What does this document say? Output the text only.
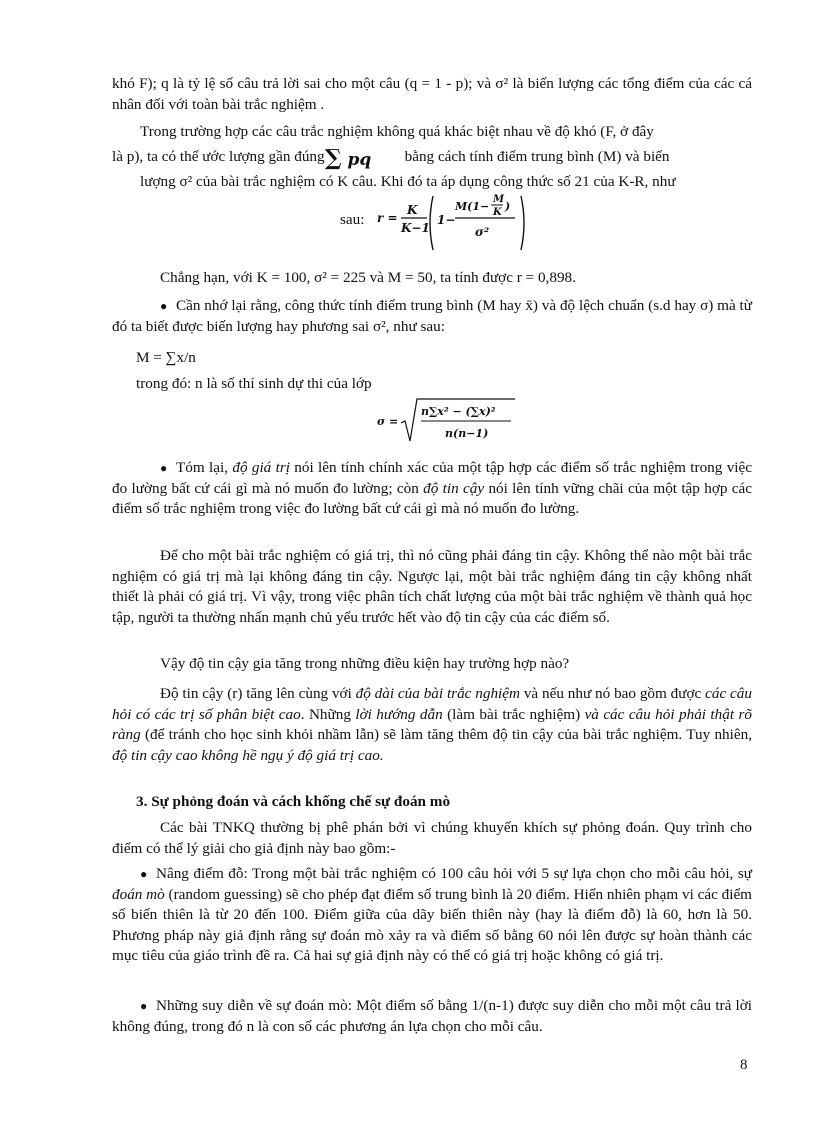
khó F); q là tỷ lệ số câu trả lời sai cho một câu (q = 1 - p); và σ² là biến lượng các tổng điểm của các cá nhân đối với toàn bài trắc nghiệm .

Trong trường hợp các câu trắc nghiệm không quá khác biệt nhau về độ khó (F, ở đây

∑ pq

là p), ta có thể ước lượng gần đúng	bằng cách tính điểm trung bình (M) và biến

lượng σ² của bài trắc nghiệm có K câu. Khi đó ta áp dụng công thức số 21 của K-R, như

sau:	r =
K
K−1
1−
M(1−
M
K )
σ²

Chẳng hạn, với K = 100, σ² = 225 và M = 50, ta tính được r = 0,898.

● Cần nhớ lại rằng, công thức tính điểm trung bình (M hay x̄) và độ lệch chuẩn (s.d hay σ) mà từ đó ta biết được biến lượng hay phương sai σ², như sau:

M = ∑x/n

trong đó: n là số thí sinh dự thi của lớp

σ =
n∑x² − (∑x)²
n(n−1)

● Tóm lại, độ giá trị nói lên tính chính xác của một tập hợp các điểm số trắc nghiệm trong việc đo lường bất cứ cái gì mà nó muốn đo lường; còn độ tin cậy nói lên tính vững chãi của một tập hợp các điểm số trắc nghiệm trong việc đo lường bất cứ cái gì mà nó muốn đo lường.

Để cho một bài trắc nghiệm có giá trị, thì nó cũng phải đáng tin cậy. Không thể nào một bài trắc nghiệm có giá trị mà lại không đáng tin cậy. Ngược lại, một bài trắc nghiệm đáng tin cậy không nhất thiết là phải có giá trị. Vì vậy, trong việc phân tích chất lượng của một bài trắc nghiệm về thành quả học tập, người ta thường nhấn mạnh chủ yếu trước hết vào độ tin cậy của các điểm số.

Vậy độ tin cậy gia tăng trong những điều kiện hay trường hợp nào?

Độ tin cậy (r) tăng lên cùng với độ dài của bài trắc nghiệm và nếu như nó bao gồm được các câu hỏi có các trị số phân biệt cao. Những lời hướng dẫn (làm bài trắc nghiệm) và các câu hỏi phải thật rõ ràng (để tránh cho học sinh khỏi nhầm lẫn) sẽ làm tăng thêm độ tin cậy của bài trắc nghiệm. Tuy nhiên, độ tin cậy cao không hề ngụ ý độ giá trị cao.

3. Sự phỏng đoán và cách khống chế sự đoán mò

Các bài TNKQ thường bị phê phán bởi vì chúng khuyến khích sự phỏng đoán. Quy trình cho điểm có thể lý giải cho giả định này bao gồm:-

● Nâng điểm đỗ: Trong một bài trắc nghiệm có 100 câu hỏi với 5 sự lựa chọn cho mỗi câu hỏi, sự đoán mò (random guessing) sẽ cho phép đạt điểm số trung bình là 20 điểm. Hiển nhiên phạm vi các điểm số biến thiên là từ 20 đến 100. Điểm giữa của dãy biến thiên này (hay là điểm đỗ) là 60, hơn là 50. Phương pháp này giả định rằng sự đoán mò xảy ra và điểm số bằng 60 nói lên được sự hoàn thành các mục tiêu của giáo trình đề ra. Cả hai sự giả định này có thể có giá trị hoặc không có giá trị.

● Những suy diễn về sự đoán mò: Một điểm số bằng 1/(n-1) được suy diễn cho mỗi một câu trả lời không đúng, trong đó n là con số các phương án lựa chọn cho mỗi câu.

8
